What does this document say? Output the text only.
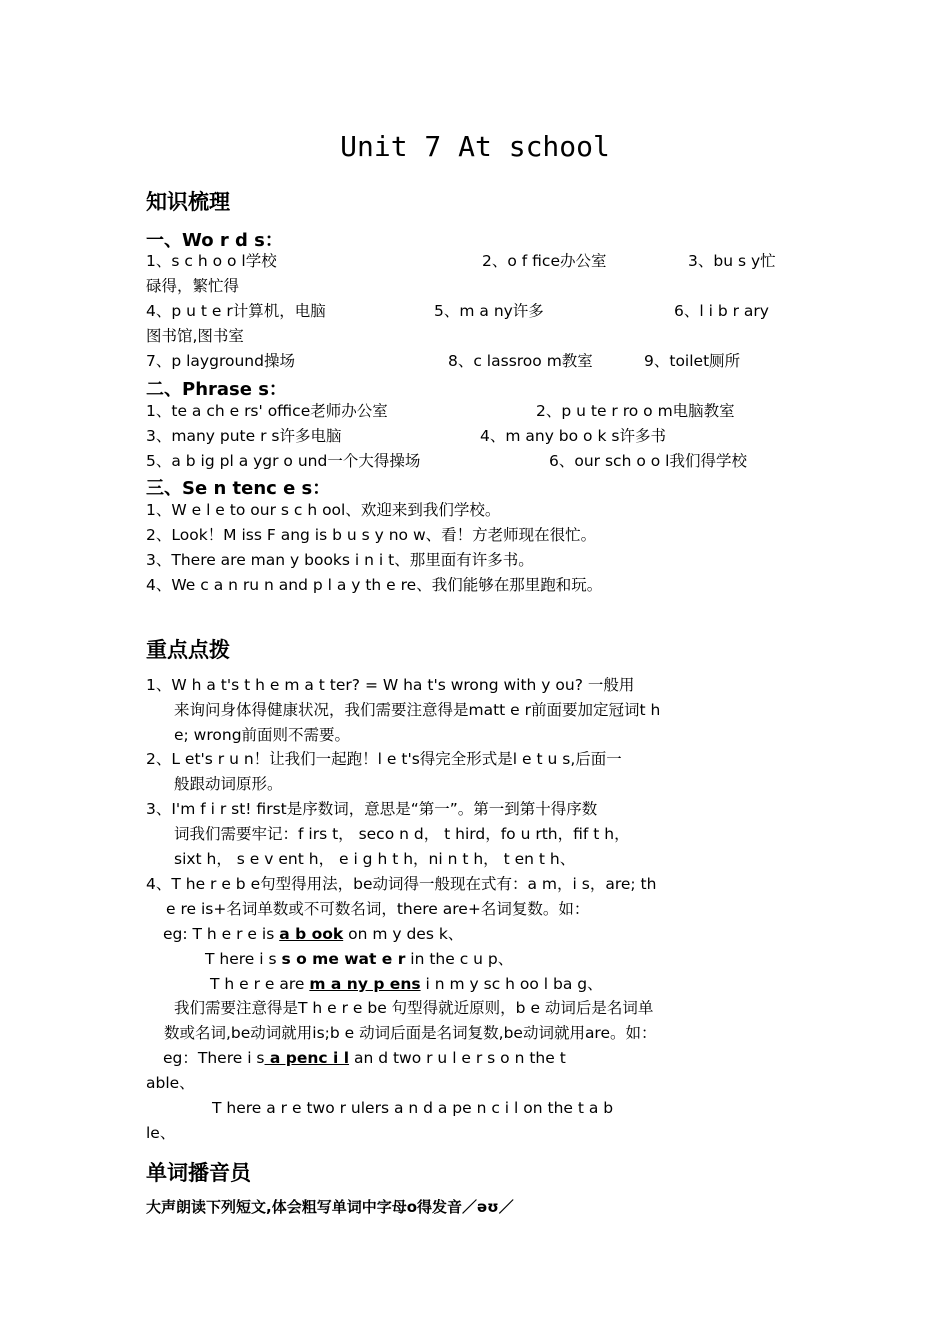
Unit 7 At school
知识梳理
一、Wo r d s：
1、s c h o o l学校	2、o f fice办公室	3、bu s y忙
碌得，繁忙得
4、p u t e r计算机，电脑	5、m a ny许多	6、l i b r ary
图书馆,图书室
7、p layground操场	8、c lassroo m教室	9、toilet厕所
二、Phrase s：
1、te a ch e rs' office老师办公室	2、p u te r ro o m电脑教室
3、many pute r s许多电脑	4、m any bo o k s许多书
5、a b ig pl a ygr o und一个大得操场	6、our sch o o l我们得学校
三、Se n tenc e s：
1、W e l e to our s c h ool、欢迎来到我们学校。
2、Look！M iss F ang is b u s y no w、看！方老师现在很忙。
3、There are man y books i n i t、那里面有许多书。
4、We c a n ru n and p l a y th e re、我们能够在那里跑和玩。
重点点拨
1、W h a t's t h e m a t ter? = W ha t's wrong with y ou? 一般用
来询问身体得健康状况，我们需要注意得是matt e r前面要加定冠词t h
e; wrong前面则不需要。
2、L et's r u n！让我们一起跑！l e t's得完全形式是l e t u s,后面一
般跟动词原形。
3、I'm f i r st! first是序数词，意思是“第一”。第一到第十得序数
词我们需要牢记：f irs t， seco n d， t hird，fo u rth，fif t h，
sixt h， s e v ent h， e i g h t h，ni n t h， t en t h、
4、T he r e b e句型得用法，be动词得一般现在式有：a m，i s，are; th
e re is+名词单数或不可数名词，there are+名词复数。如：
eg: T h e r e is a b ook on m y des k、
T here i s s o me wat e r in the c u p、
T h e r e are m a ny p ens i n m y sc h oo l ba g、
我们需要注意得是T h e r e be 句型得就近原则，b e 动词后是名词单
数或名词,be动词就用is;b e 动词后面是名词复数,be动词就用are。如：
eg：There i s a penc i l an d two r u l e r s o n the t
able、
T here a r e two r ulers a n d a pe n c i l on the t a b
le、
单词播音员
大声朗读下列短文,体会粗写单词中字母o得发音／əʊ／
